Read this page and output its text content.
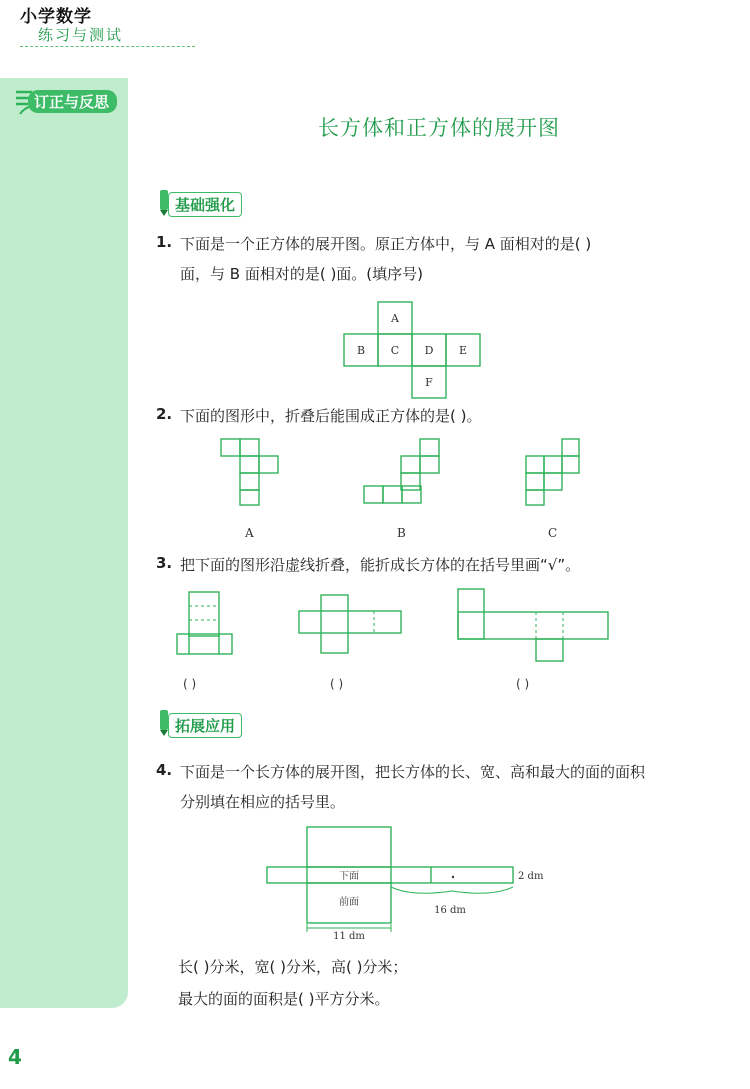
小学数学
练习与测试
订正与反思
长方体和正方体的展开图
基础强化
1. 下面是一个正方体的展开图。原正方体中，与 A 面相对的是( )
面，与 B 面相对的是( )面。(填序号)
A
B C D E
F
2. 下面的图形中，折叠后能围成正方体的是( )。
A	B	C
3. 把下面的图形沿虚线折叠，能折成长方体的在括号里画“√”。
( )	( )	( )
拓展应用
4. 下面是一个长方体的展开图，把长方体的长、宽、高和最大的面的面积
分别填在相应的括号里。
下面
前面
2 dm
16 dm
11 dm
长( )分米，宽( )分米，高( )分米；
最大的面的面积是( )平方分米。
4
